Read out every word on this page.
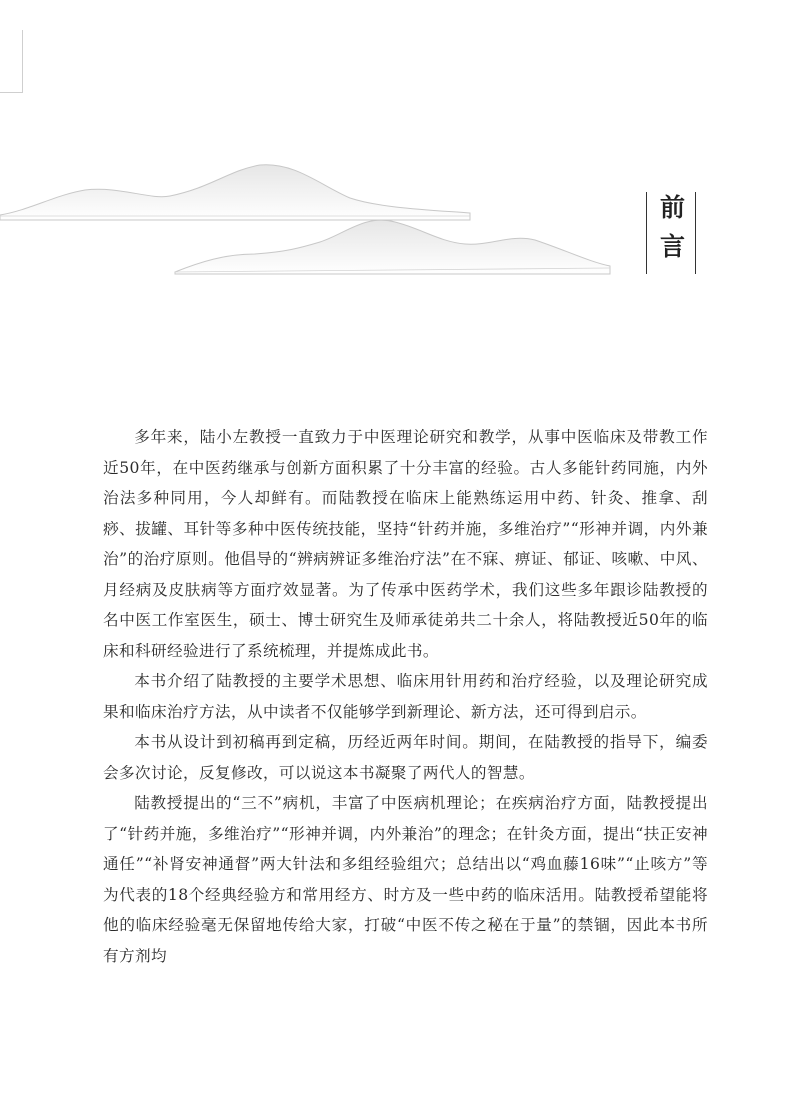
前言

多年来，陆小左教授一直致力于中医理论研究和教学，从事中医临床及带教工作近50年，在中医药继承与创新方面积累了十分丰富的经验。古人多能针药同施，内外治法多种同用，今人却鲜有。而陆教授在临床上能熟练运用中药、针灸、推拿、刮痧、拔罐、耳针等多种中医传统技能，坚持“针药并施，多维治疗”“形神并调，内外兼治”的治疗原则。他倡导的“辨病辨证多维治疗法”在不寐、痹证、郁证、咳嗽、中风、月经病及皮肤病等方面疗效显著。为了传承中医药学术，我们这些多年跟诊陆教授的名中医工作室医生，硕士、博士研究生及师承徒弟共二十余人，将陆教授近50年的临床和科研经验进行了系统梳理，并提炼成此书。

本书介绍了陆教授的主要学术思想、临床用针用药和治疗经验，以及理论研究成果和临床治疗方法，从中读者不仅能够学到新理论、新方法，还可得到启示。

本书从设计到初稿再到定稿，历经近两年时间。期间，在陆教授的指导下，编委会多次讨论，反复修改，可以说这本书凝聚了两代人的智慧。

陆教授提出的“三不”病机，丰富了中医病机理论；在疾病治疗方面，陆教授提出了“针药并施，多维治疗”“形神并调，内外兼治”的理念；在针灸方面，提出“扶正安神通任”“补肾安神通督”两大针法和多组经验组穴；总结出以“鸡血藤16味”“止咳方”等为代表的18个经典经验方和常用经方、时方及一些中药的临床活用。陆教授希望能将他的临床经验毫无保留地传给大家，打破“中医不传之秘在于量”的禁锢，因此本书所有方剂均
